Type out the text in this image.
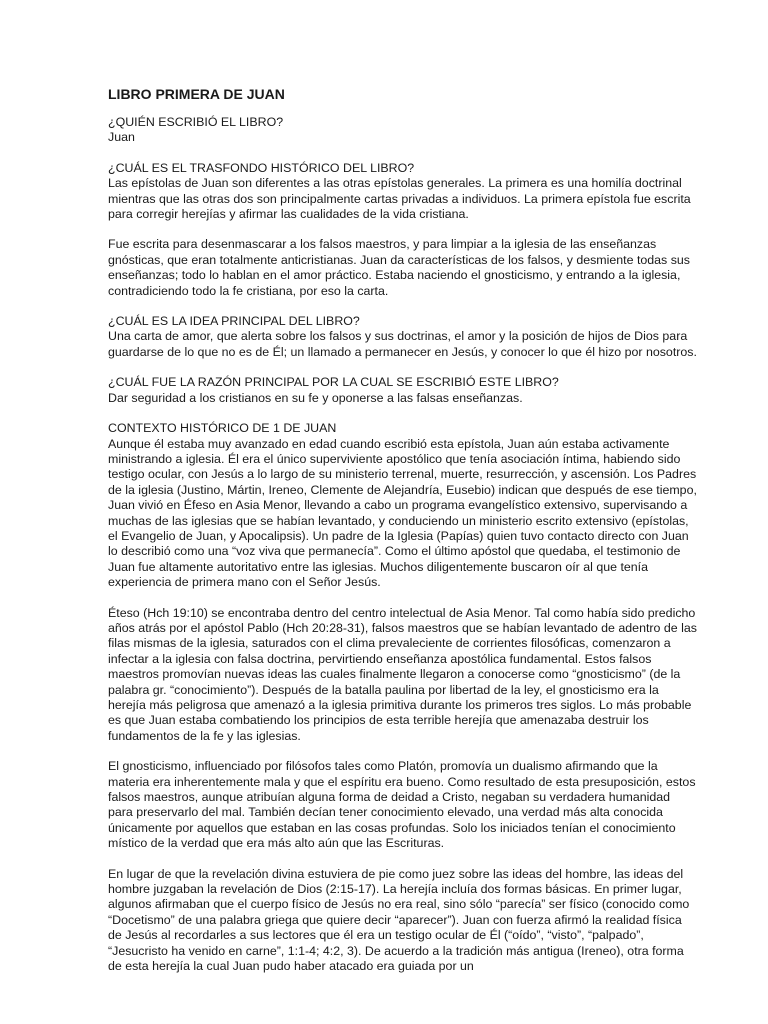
LIBRO PRIMERA DE JUAN
¿QUIÉN ESCRIBIÓ EL LIBRO?
Juan
¿CUÁL ES EL TRASFONDO HISTÓRICO DEL LIBRO?
Las epístolas de Juan son diferentes a las otras epístolas generales. La primera es una homilía doctrinal mientras que las otras dos son principalmente cartas privadas a individuos. La primera epístola fue escrita para corregir herejías y afirmar las cualidades de la vida cristiana.
Fue escrita para desenmascarar a los falsos maestros, y para limpiar a la iglesia de las enseñanzas gnósticas, que eran totalmente anticristianas. Juan da características de los falsos, y desmiente todas sus enseñanzas; todo lo hablan en el amor práctico. Estaba naciendo el gnosticismo, y entrando a la iglesia, contradiciendo todo la fe cristiana, por eso la carta.
¿CUÁL ES LA IDEA PRINCIPAL DEL LIBRO?
Una carta de amor, que alerta sobre los falsos y sus doctrinas, el amor y la posición de hijos de Dios para guardarse de lo que no es de Él; un llamado a permanecer en Jesús, y conocer lo que él hizo por nosotros.
¿CUÁL FUE LA RAZÓN PRINCIPAL POR LA CUAL SE ESCRIBIÓ ESTE LIBRO?
Dar seguridad a los cristianos en su fe y oponerse a las falsas enseñanzas.
CONTEXTO HISTÓRICO DE 1 DE JUAN
Aunque él estaba muy avanzado en edad cuando escribió esta epístola, Juan aún estaba activamente ministrando a iglesia. Él era el único superviviente apostólico que tenía asociación íntima, habiendo sido testigo ocular, con Jesús a lo largo de su ministerio terrenal, muerte, resurrección, y ascensión. Los Padres de la iglesia (Justino, Mártin, Ireneo, Clemente de Alejandría, Eusebio) indican que después de ese tiempo, Juan vivió en Éfeso en Asia Menor, llevando a cabo un programa evangelístico extensivo, supervisando a muchas de las iglesias que se habían levantado, y conduciendo un ministerio escrito extensivo (epístolas, el Evangelio de Juan, y Apocalipsis). Un padre de la Iglesia (Papías) quien tuvo contacto directo con Juan lo describió como una “voz viva que permanecía”. Como el último apóstol que quedaba, el testimonio de Juan fue altamente autoritativo entre las iglesias. Muchos diligentemente buscaron oír al que tenía experiencia de primera mano con el Señor Jesús.
Éteso (Hch 19:10) se encontraba dentro del centro intelectual de Asia Menor. Tal como había sido predicho años atrás por el apóstol Pablo (Hch 20:28-31), falsos maestros que se habían levantado de adentro de las filas mismas de la iglesia, saturados con el clima prevaleciente de corrientes filosóficas, comenzaron a infectar a la iglesia con falsa doctrina, pervirtiendo enseñanza apostólica fundamental. Estos falsos maestros promovían nuevas ideas las cuales finalmente llegaron a conocerse como “gnosticismo” (de la palabra gr. “conocimiento”). Después de la batalla paulina por libertad de la ley, el gnosticismo era la herejía más peligrosa que amenazó a la iglesia primitiva durante los primeros tres siglos. Lo más probable es que Juan estaba combatiendo los principios de esta terrible herejía que amenazaba destruir los fundamentos de la fe y las iglesias.
El gnosticismo, influenciado por filósofos tales como Platón, promovía un dualismo afirmando que la materia era inherentemente mala y que el espíritu era bueno. Como resultado de esta presuposición, estos falsos maestros, aunque atribuían alguna forma de deidad a Cristo, negaban su verdadera humanidad para preservarlo del mal. También decían tener conocimiento elevado, una verdad más alta conocida únicamente por aquellos que estaban en las cosas profundas. Solo los iniciados tenían el conocimiento místico de la verdad que era más alto aún que las Escrituras.
En lugar de que la revelación divina estuviera de pie como juez sobre las ideas del hombre, las ideas del hombre juzgaban la revelación de Dios (2:15-17). La herejía incluía dos formas básicas. En primer lugar, algunos afirmaban que el cuerpo físico de Jesús no era real, sino sólo “parecía” ser físico (conocido como “Docetismo” de una palabra griega que quiere decir “aparecer”). Juan con fuerza afirmó la realidad física de Jesús al recordarles a sus lectores que él era un testigo ocular de Él (“oído”, “visto”, “palpado”, “Jesucristo ha venido en carne”, 1:1-4; 4:2, 3). De acuerdo a la tradición más antigua (Ireneo), otra forma de esta herejía la cual Juan pudo haber atacado era guiada por un
